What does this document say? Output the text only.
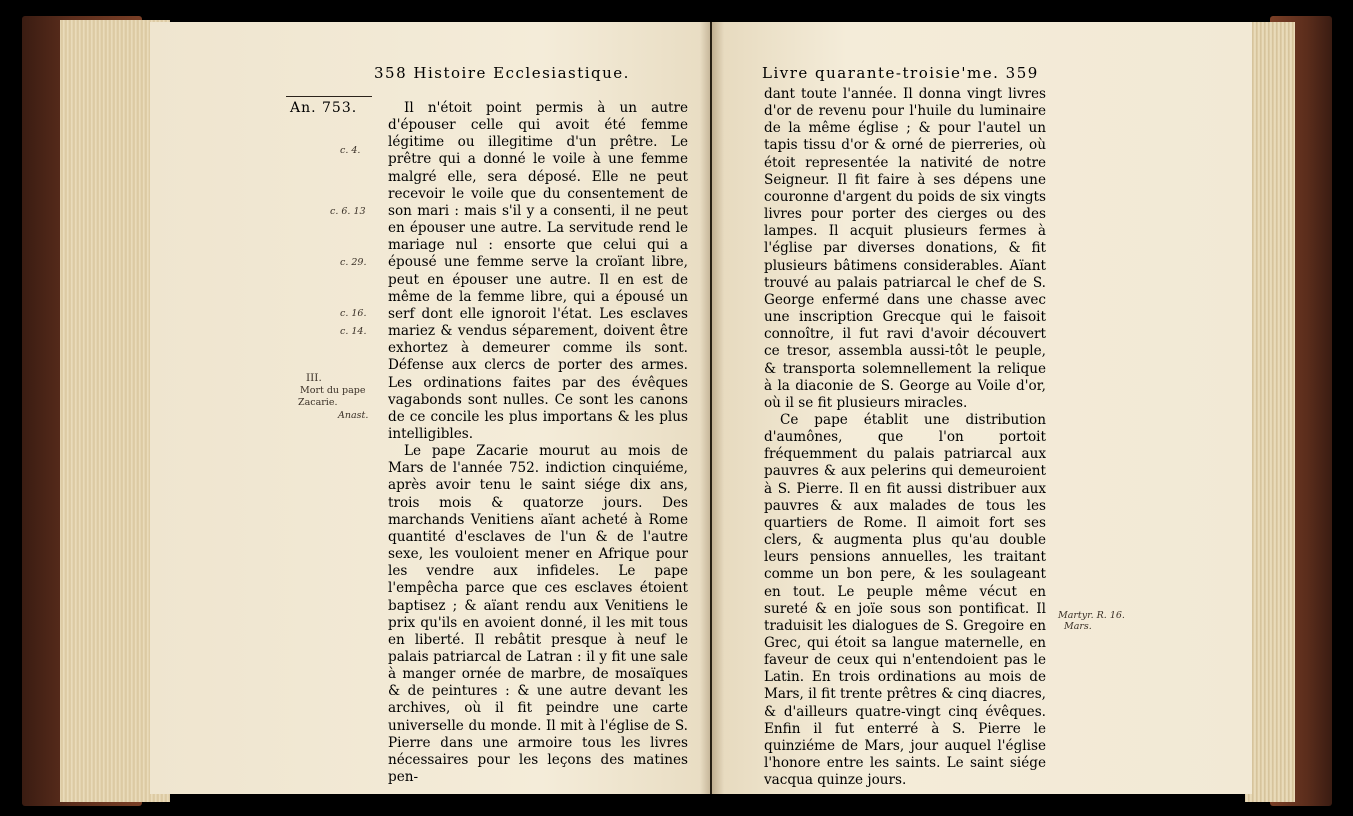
358 Histoire Ecclesiastique.
An. 753.
c. 4.
c. 6. 13
c. 29.
c. 16.
c. 14.
III.
Mort du pape
Zacarie.
Anast.

Il n'étoit point permis à un autre d'épouser celle qui avoit été femme légitime ou illegitime d'un prêtre. Le prêtre qui a donné le voile à une femme malgré elle, sera déposé. Elle ne peut recevoir le voile que du consentement de son mari : mais s'il y a consenti, il ne peut en épouser une autre. La servitude rend le mariage nul : ensorte que celui qui a épousé une femme serve la croïant libre, peut en épouser une autre. Il en est de même de la femme libre, qui a épousé un serf dont elle ignoroit l'état. Les esclaves mariez & vendus séparement, doivent être exhortez à demeurer comme ils sont. Défense aux clercs de porter des armes. Les ordinations faites par des évêques vagabonds sont nulles. Ce sont les canons de ce concile les plus importans & les plus intelligibles.

Le pape Zacarie mourut au mois de Mars de l'année 752. indiction cinquiéme, après avoir tenu le saint siége dix ans, trois mois & quatorze jours. Des marchands Venitiens aïant acheté à Rome quantité d'esclaves de l'un & de l'autre sexe, les vouloient mener en Afrique pour les vendre aux infideles. Le pape l'empêcha parce que ces esclaves étoient baptisez ; & aïant rendu aux Venitiens le prix qu'ils en avoient donné, il les mit tous en liberté. Il rebâtit presque à neuf le palais patriarcal de Latran : il y fit une sale à manger ornée de marbre, de mosaïques & de peintures : & une autre devant les archives, où il fit peindre une carte universelle du monde. Il mit à l'église de S. Pierre dans une armoire tous les livres nécessaires pour les leçons des matines pen-

Livre quarante-troisie'me. 359

dant toute l'année. Il donna vingt livres d'or de revenu pour l'huile du luminaire de la même église ; & pour l'autel un tapis tissu d'or & orné de pierreries, où étoit representée la nativité de notre Seigneur. Il fit faire à ses dépens une couronne d'argent du poids de six vingts livres pour porter des cierges ou des lampes. Il acquit plusieurs fermes à l'église par diverses donations, & fit plusieurs bâtimens considerables. Aïant trouvé au palais patriarcal le chef de S. George enfermé dans une chasse avec une inscription Grecque qui le faisoit connoître, il fut ravi d'avoir découvert ce tresor, assembla aussi-tôt le peuple, & transporta solemnellement la relique à la diaconie de S. George au Voile d'or, où il se fit plusieurs miracles.

Ce pape établit une distribution d'aumônes, que l'on portoit fréquemment du palais patriarcal aux pauvres & aux pelerins qui demeuroient à S. Pierre. Il en fit aussi distribuer aux pauvres & aux malades de tous les quartiers de Rome. Il aimoit fort ses clers, & augmenta plus qu'au double leurs pensions annuelles, les traitant comme un bon pere, & les soulageant en tout. Le peuple même vécut en sureté & en joïe sous son pontificat. Il traduisit les dialogues de S. Gregoire en Grec, qui étoit sa langue maternelle, en faveur de ceux qui n'entendoient pas le Latin. En trois ordinations au mois de Mars, il fit trente prêtres & cinq diacres, & d'ailleurs quatre-vingt cinq évêques. Enfin il fut enterré à S. Pierre le quinziéme de Mars, jour auquel l'église l'honore entre les saints. Le saint siége vacqua quinze jours.

Martyr. R. 16.
Mars.
